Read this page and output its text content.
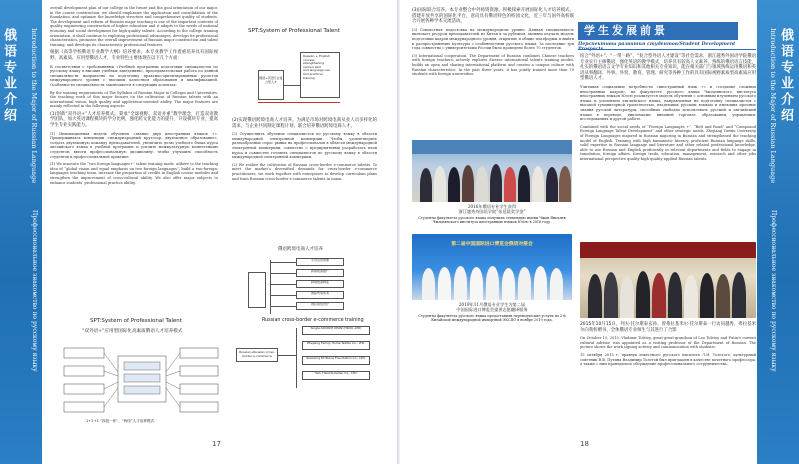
俄语专业介绍	Introduction to the Major of Russian Language
Профессиональное знакомство по русскому языку

overall development plan of our college in the future and the goal orientation of our major, in the course construction, we should emphasize the application and consolidation of the foundation, and optimize the knowledge structure and comprehensive quality of students. The development and reform of Russian major teaching is one of the important contents of quality engineering construction of higher education and it adapts to the needs of national economy and social development for high-quality talents. According to the college training orientation, it shall continue to exploring professional advantages, develops its professional characteristics, promotes the overall improvement of Russian major construction and talent training, and develops its characteristic professional features.

根据《高等学校俄语专业教学大纲》培养要求，本专业教学工作着重培养具有国际视野、高素质、应用型俄语人才，专业特色主要体现在以下几个方面：

В соответствии с требованиями «Учебной программы подготовки специалистов по русскому языку в высших учебных заведениях», преподавательская работа по данной специальности направлена на подготовку практико-ориентированных русистов международного уровня с высоким качеством образования и квалификацией. Особенности специальности заключаются в следующих аспектах:

By the training requirements of The Syllabus of Russian Major in Colleges and Universities, the teaching work of this major focuses on the cultivation of Russian talents with an international vision, high quality and application-oriented ability. The major features are mainly reflected in the following aspects:

(1)创新“双外语+”人才培养模式。秉承“全球视野、双语并重”教学理念，打造双语教学团队，加大英语课程模块的学分比例，强化跨文化能力的提升，开设模块专业，提高学生专业实践能力。

(1) Инновационная модель обучения «знание двух иностранных языков +». Придерживаясь концепции «международный кругозор, двуязычное образование», создать двуязычную команду преподавателей, увеличить долю учебного блока курса английского языка в учебной программе и усилить межкультурную компетенцию студентов, ввести профессиональную дисциплину, чтобы улучшить способность студентов к профессиональной практике.

(1) We innovate the “two foreign languages+” talent training mode, adhere to the teaching idea of “global vision and equal emphasis on two foreign languages”, build a two-foreign-languages teaching team, increase the proportion of credits in English course modules and strengthen the improvement of cross-cultural ability. We also offer major subjects to enhance students’ professional practice ability.

SPT:System of Professional Talent
俄语+英语专业复合型人才
Russian + English
courses
strengthening
various skill
and language use
and practical
training

(2)实现俄语跨境电商人才培养。为满足市场对跨境电商从业人员多样化的需求，与企业共同制定课程计划，联合培养俄语跨境电商人才。

(2) Осуществить обучение специалистов по русскому языку в области международной электронной коммерции. Чтобы удовлетворить разнообразные спрос рынка на профессионалов в области международной электронной коммерции, совместно с предприятиями разработать план курса и совместно готовить специалистов по русскому языку в области международной электронной коммерции.

(2) We realize the cultivation of Russian cross-border e-commerce talents. To meet the market’s diversified demands for cross-border e-commerce practitioners, we work together with enterprises to develop curriculum plans and train Russian cross-border e-commerce talents in union.

俄语跨境电商人才培养
平台运营管理
跨境电商推广
跨境电商物流
国际贸易实务
网店视觉设计
Russian cross-border e-commerce training
Russian+Russian cross-border e-commerce
Single-SOURCE KEAN (HKCO.,LTD)
Zhejiang Family Home Textile Co., LTD.
Shaoxing Mi Stone Foundation Co., LTD.
Yiwu Haisida Kellen Co., LTD.
SPT:System of Professional Talent
“双外语+”应用型国际化高素质俄语人才培养模式
1+2+1 “四段一体”、“两线”人才培养模式
17
俄语专业介绍
Introduction to the Major of Russian Language
Профессиональное знакомство по русскому языку

(3)国际联合培养。本专业整合中外师资资源，积极探索开展国际化人才培养模式，搭建开放共享的国际化平台，意向具有俄语特色的校园文化，近三年与国外高校联合开展各种学术交流活动。

(3) Совместная подготовка на международном уровне. Данная специальность включает ресурсы преподавателей из Китая и за рубежом, активно изучать модель подготовки кадров международного уровня, открытые и общие платформы и выйти к распространению культуры с особенностями русского языка. За последние три года совместно с университетами России было проведено более 70 студентов.

(3) International cooperation. The Department of Russian combines Chinese teachers with foreign teachers, actively explores diverse international talents training modes, builds an open and sharing international platform and creates a campus culture with Russian characteristics. In the past three years, it has jointly trained more than 70 students with foreign universities.

2016年俄语专业学生获得
浙江越秀外国语学院“张延晨奖学金”
Студенты факультета русского языка получили стипендию имени Чжан Яньчэня Чжэцзянского института иностранных языков Юэсю в 2016 году.
第二届中国国际进口博览会俄语对接会
2019年11月俄语专业学生为第二届
中国国际进口博览会提供志愿翻译服务
Студенты факультета русского языка предоставили переводческие услуги на 2-й Китайской международной импортной ЭКСПО в ноябре 2019 года.
学生发展前景
Перспективы развития студентов/Student Development Prospects

结合“外语+”、“一带一路”、“复合型外语人才建设”等社会需求，浙江越秀外国语学院俄语专业实行主修俄语，强化英语的教学模式，培养具有较高人文素养、熟练的俄语语言技能，扎实的俄语语言文学专业知识和其他相关专业知识，能在相关部门与领域熟练运用俄语和英语从事翻译、外事、外贸、教育、管理、研究等各种工作的具有国际视野素质型高素质应用型俄语人才。

Учитывая социальные потребности «иностранный язык +» и «создание сложных иностранных кадров», на факультете русского языка Чжэцзянского института иностранных языков Юэсю реализуется модель обучения с основным изучением русского языка и усилением английского языка, направленная на подготовку специалистов с высокой гуманитарной грамотностью, владеющих русским языком и имеющих прочные знания русской литературы, способных свободно использовать русский и английский языки в переводе, дипломатии, внешней торговле, образовании, управлении, исследованиях и другой работе.

Combined with the social needs of “Foreign Languages +”, “Belt and Road” and “Compound Foreign Language Talent Development” and other strategic needs, Zhejiang Yuexiu University of Foreign Languages majored in Russian majoring in Russian and strengthened the teaching model of English. Training with high humanistic literacy, proficient Russian language skills, solid expertise in Russian language and literature and other related professional knowledge, able to use Russian and English proficiently in relevant departments and fields to engage in translation, foreign affairs, foreign trade, education, management, research and other jobs international perspective quality-high-quality applied Russian talents.

2015年10月15日，列夫·托尔斯泰玄孙、曾弗拉基米尔·托尔斯泰一行访问越秀，弗拉基米尔向我校赠书，全体俄语专业师生与其进行了合影

On October 15, 2015, Vladimir Tolstoy, great-great-grandson of Leo Tolstoy and Putin's current cultural advisor, was appointed as a visiting professor of the Department of Russian. The picture shows the work signing activity and communication with students.

15 октября 2015 г. правнук известного русского писателя Л.Н. Толстого, культурный советник В.В. Путина Владимир Толстой был приглашен в качестве почетного профессора, а также с ним проводилось обсуждение профессионального сотрудничества.

18
